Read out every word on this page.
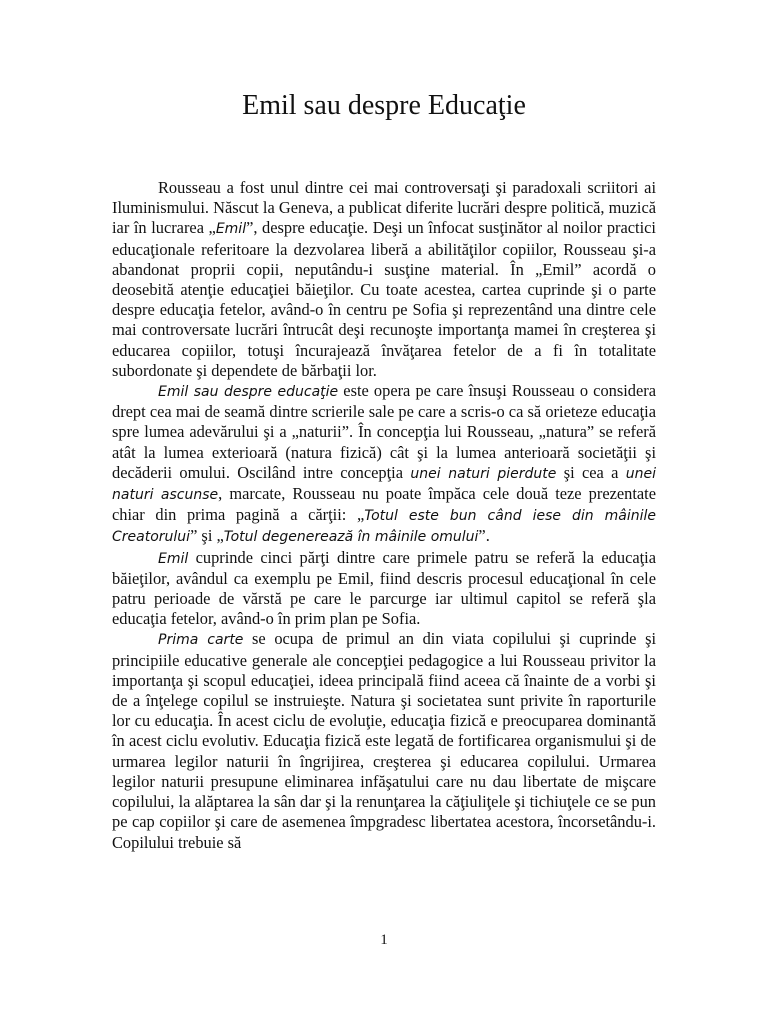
Emil sau despre Educaţie

Rousseau a fost unul dintre cei mai controversaţi şi paradoxali scriitori ai Iluminismului. Născut la Geneva, a publicat diferite lucrări despre politică, muzică iar în lucrarea „Emil”, despre educaţie. Deşi un înfocat susţinător al noilor practici educaţionale referitoare la dezvolarea liberă a abilităţilor copiilor, Rousseau şi-a abandonat proprii copii, neputându-i susţine material. În „Emil” acordă o deosebită atenţie educaţiei băieţilor. Cu toate acestea, cartea cuprinde şi o parte despre educaţia fetelor, având-o în centru pe Sofia şi reprezentând una dintre cele mai controversate lucrări întrucât deşi recunoşte importanţa mamei în creşterea şi educarea copiilor, totuşi încurajează învăţarea fetelor de a fi în totalitate subordonate şi dependete de bărbaţii lor.

Emil sau despre educaţie este opera pe care însuşi Rousseau o considera drept cea mai de seamă dintre scrierile sale pe care a scris-o ca să orieteze educaţia spre lumea adevărului şi a „naturii”. În concepţia lui Rousseau, „natura” se referă atât la lumea exterioară (natura fizică) cât şi la lumea anterioară societăţii şi decăderii omului. Oscilând intre concepţia unei naturi pierdute şi cea a unei naturi ascunse, marcate, Rousseau nu poate împăca cele două teze prezentate chiar din prima pagină a cărţii: „Totul este bun când iese din mâinile Creatorului” şi „Totul degenerează în mâinile omului”.

Emil cuprinde cinci părţi dintre care primele patru se referă la educaţia băieţilor, avândul ca exemplu pe Emil, fiind descris procesul educaţional în cele patru perioade de vărstă pe care le parcurge iar ultimul capitol se referă şla educaţia fetelor, având-o în prim plan pe Sofia.

Prima carte se ocupa de primul an din viata copilului şi cuprinde şi principiile educative generale ale concepţiei pedagogice a lui Rousseau privitor la importanţa şi scopul educaţiei, ideea principală fiind aceea că înainte de a vorbi şi de a înţelege copilul se instruieşte. Natura şi societatea sunt privite în raporturile lor cu educaţia. În acest ciclu de evoluţie, educaţia fizică e preocuparea dominantă în acest ciclu evolutiv. Educaţia fizică este legată de fortificarea organismului şi de urmarea legilor naturii în îngrijirea, creşterea şi educarea copilului. Urmarea legilor naturii presupune eliminarea infăşatului care nu dau libertate de mişcare copilului, la alăptarea la sân dar şi la renunţarea la căţiuliţele şi tichiuţele ce se pun pe cap copiilor şi care de asemenea împgradesc libertatea acestora, încorsetându-i. Copilului trebuie să

1
